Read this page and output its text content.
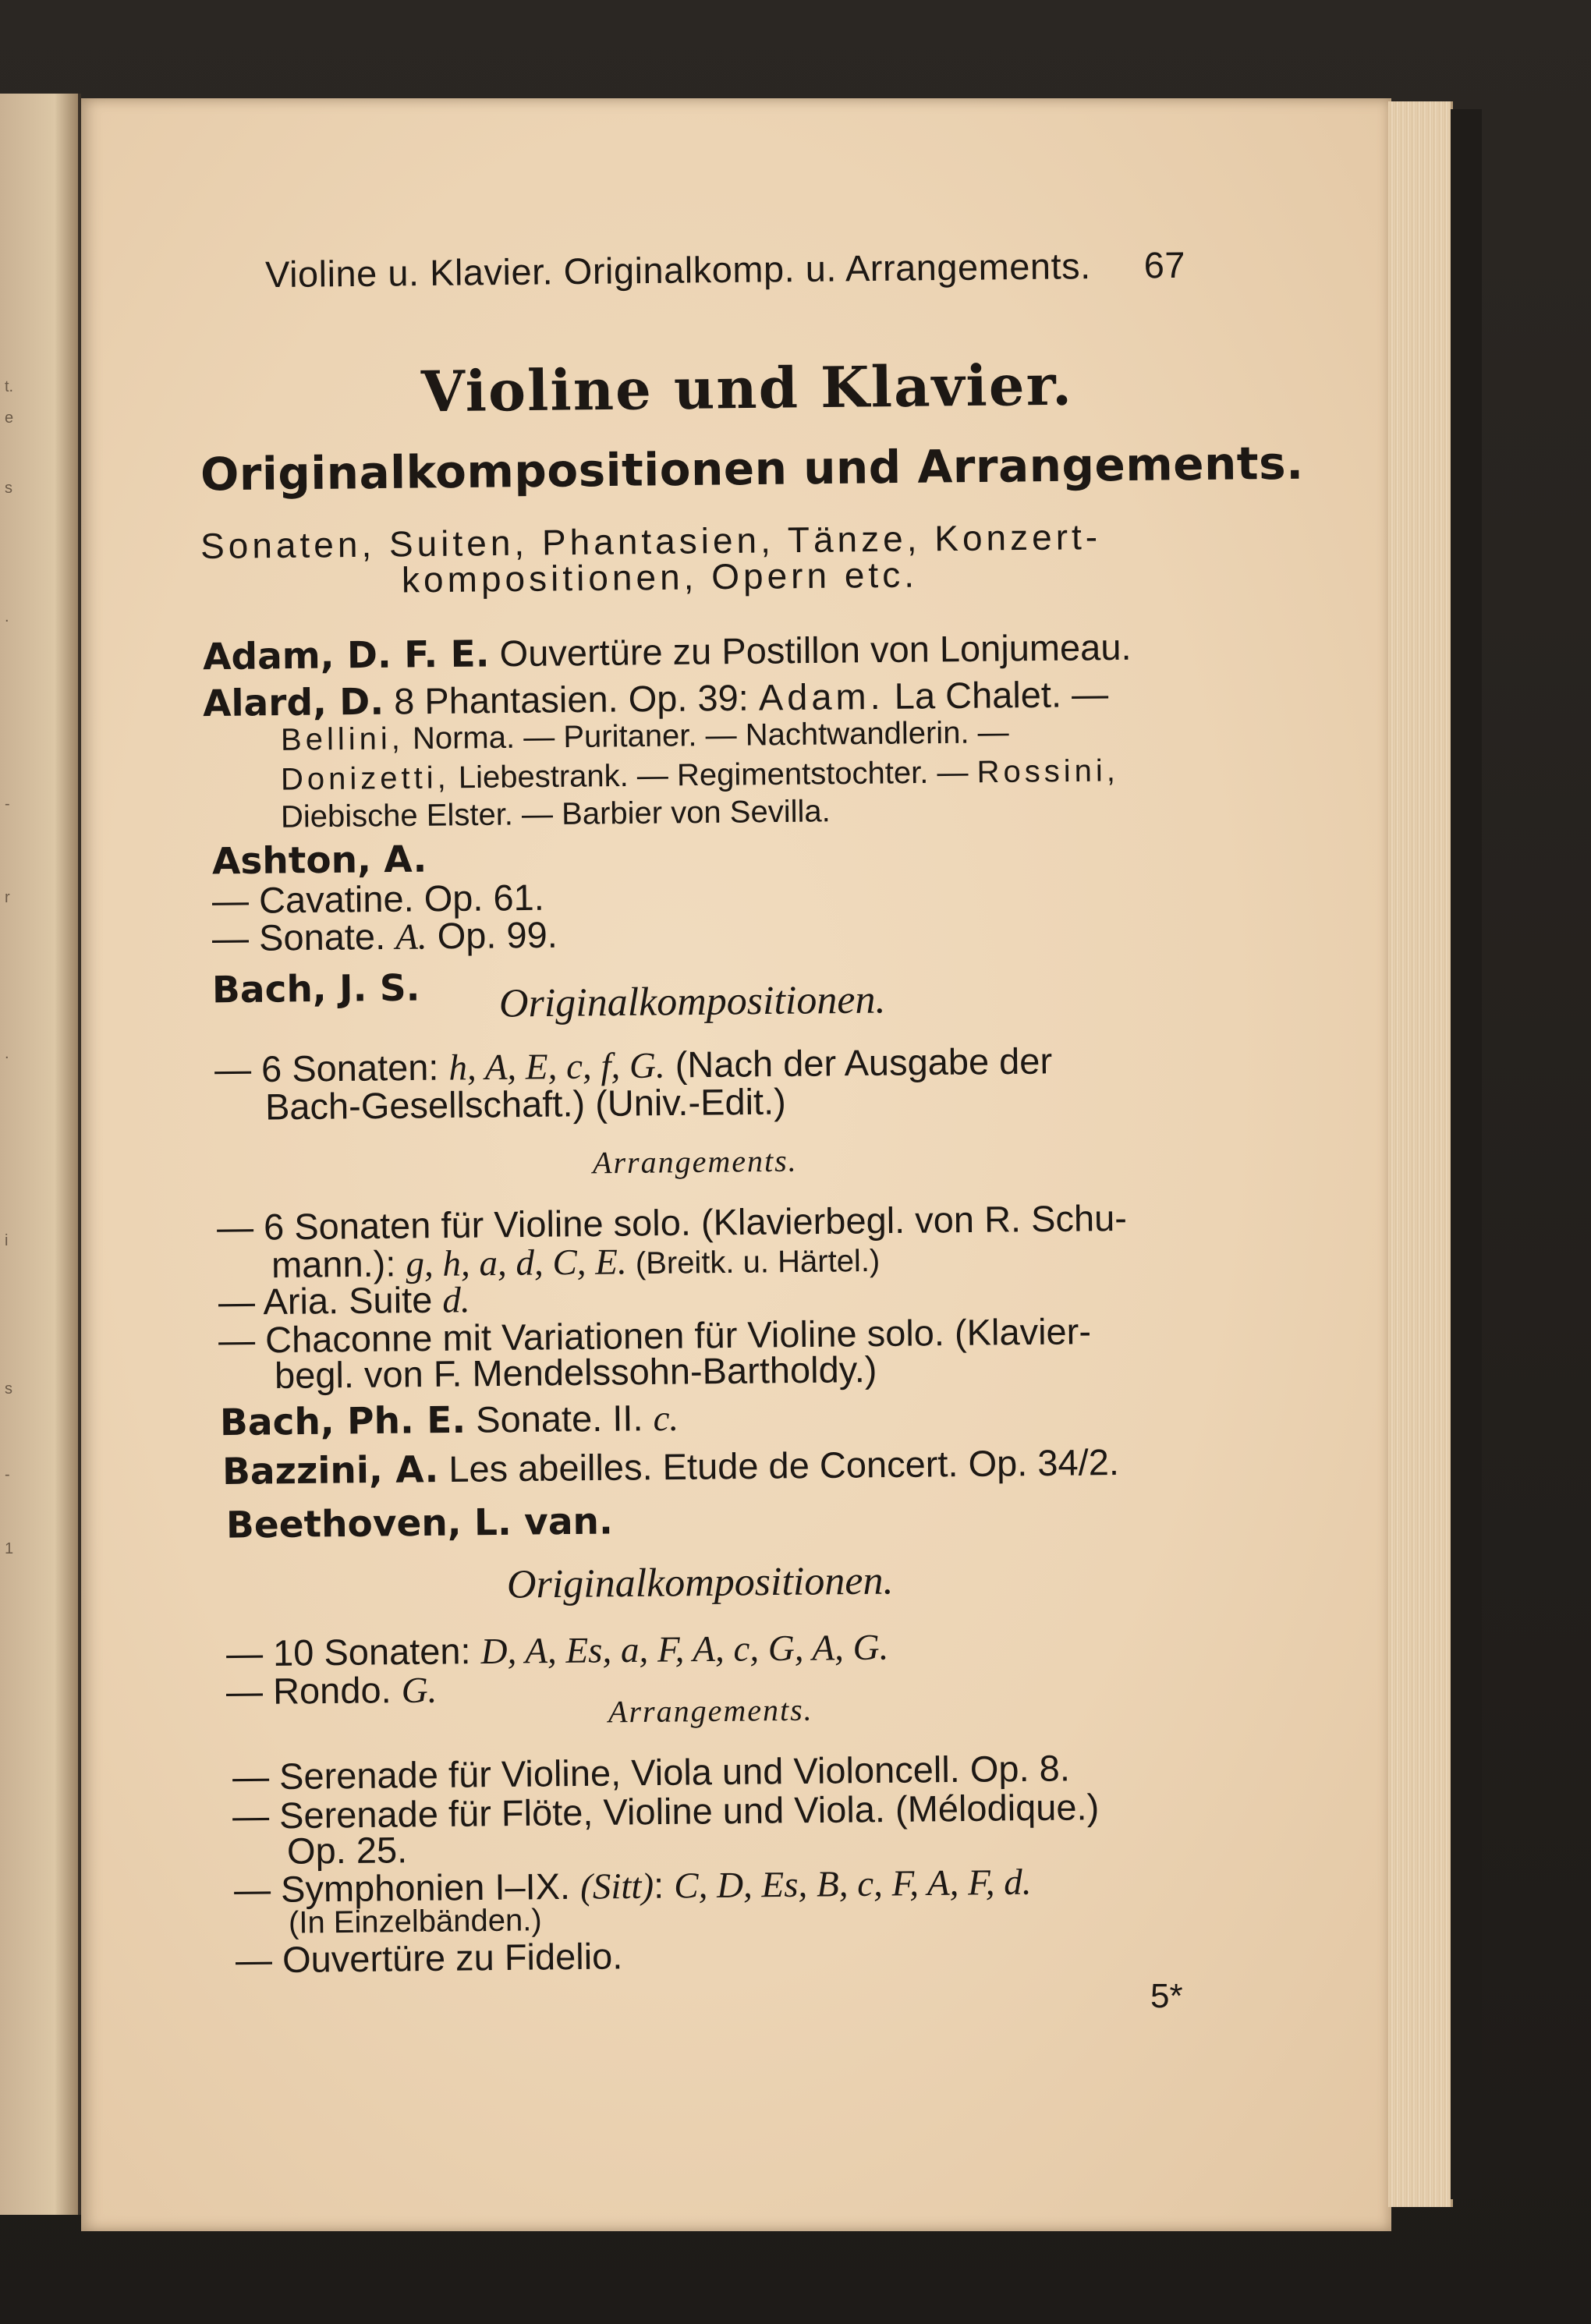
t.
e
s
.
-
r
.
i
s
-
1
Violine u. Klavier. Originalkomp. u. Arrangements. 67
Violine und Klavier.
Originalkompositionen und Arrangements.
Sonaten, Suiten, Phantasien, Tänze, Konzert-
kompositionen, Opern etc.
Adam, D. F. E. Ouvertüre zu Postillon von Lonjumeau.
Alard, D. 8 Phantasien. Op. 39: Adam. La Chalet. —
Bellini, Norma. — Puritaner. — Nachtwandlerin. —
Donizetti, Liebestrank. — Regimentstochter. — Rossini,
Diebische Elster. — Barbier von Sevilla.
Ashton, A.
— Cavatine. Op. 61.
— Sonate. A. Op. 99.
Bach, J. S. Originalkompositionen.
— 6 Sonaten: h, A, E, c, f, G. (Nach der Ausgabe der
Bach-Gesellschaft.) (Univ.-Edit.)
Arrangements.
— 6 Sonaten für Violine solo. (Klavierbegl. von R. Schu-
mann.): g, h, a, d, C, E. (Breitk. u. Härtel.)
— Aria. Suite d.
— Chaconne mit Variationen für Violine solo. (Klavier-
begl. von F. Mendelssohn-Bartholdy.)
Bach, Ph. E. Sonate. II. c.
Bazzini, A. Les abeilles. Etude de Concert. Op. 34/2.
Beethoven, L. van.
Originalkompositionen.
— 10 Sonaten: D, A, Es, a, F, A, c, G, A, G.
— Rondo. G.	Arrangements.
— Serenade für Violine, Viola und Violoncell. Op. 8.
— Serenade für Flöte, Violine und Viola. (Mélodique.)
Op. 25.
— Symphonien I–IX. (Sitt): C, D, Es, B, c, F, A, F, d.
(In Einzelbänden.)
— Ouvertüre zu Fidelio.
5*
